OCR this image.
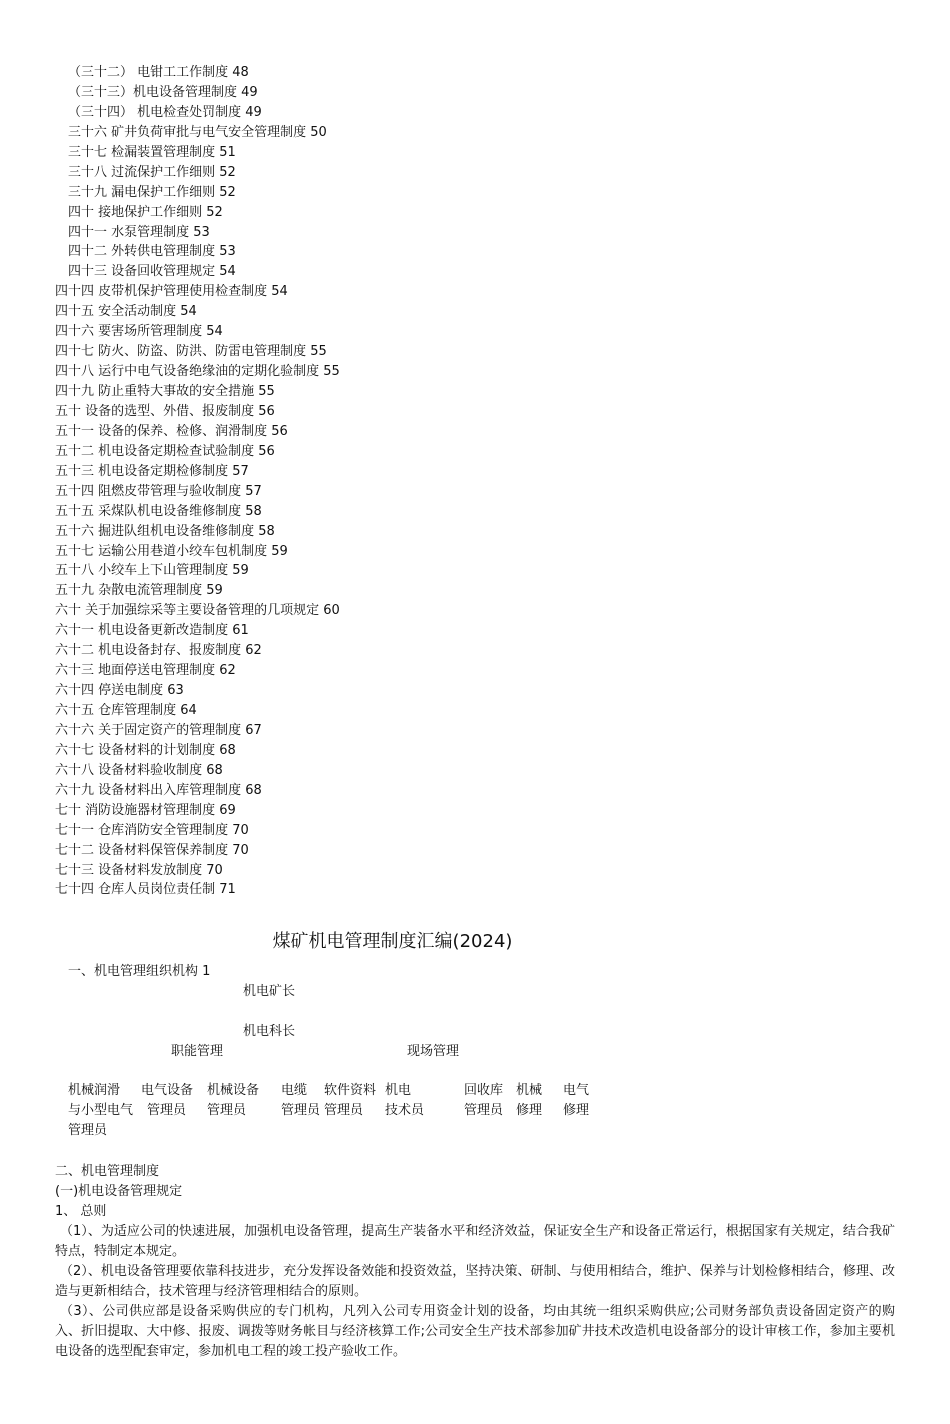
（三十二） 电钳工工作制度 48
（三十三）机电设备管理制度 49
（三十四） 机电检查处罚制度 49
三十六 矿井负荷审批与电气安全管理制度 50
三十七 检漏装置管理制度 51
三十八 过流保护工作细则 52
三十九 漏电保护工作细则 52
四十 接地保护工作细则 52
四十一 水泵管理制度 53
四十二 外转供电管理制度 53
四十三 设备回收管理规定 54
四十四 皮带机保护管理使用检查制度 54
四十五 安全活动制度 54
四十六 要害场所管理制度 54
四十七 防火、防盗、防洪、防雷电管理制度 55
四十八 运行中电气设备绝缘油的定期化验制度 55
四十九 防止重特大事故的安全措施 55
五十 设备的选型、外借、报废制度 56
五十一 设备的保养、检修、润滑制度 56
五十二 机电设备定期检查试验制度 56
五十三 机电设备定期检修制度 57
五十四 阻燃皮带管理与验收制度 57
五十五 采煤队机电设备维修制度 58
五十六 掘进队组机电设备维修制度 58
五十七 运输公用巷道小绞车包机制度 59
五十八 小绞车上下山管理制度 59
五十九 杂散电流管理制度 59
六十 关于加强综采等主要设备管理的几项规定 60
六十一 机电设备更新改造制度 61
六十二 机电设备封存、报废制度 62
六十三 地面停送电管理制度 62
六十四 停送电制度 63
六十五 仓库管理制度 64
六十六 关于固定资产的管理制度 67
六十七 设备材料的计划制度 68
六十八 设备材料验收制度 68
六十九 设备材料出入库管理制度 68
七十 消防设施器材管理制度 69
七十一 仓库消防安全管理制度 70
七十二 设备材料保管保养制度 70
七十三 设备材料发放制度 70
七十四 仓库人员岗位责任制 71
煤矿机电管理制度汇编(2024)
一、机电管理组织机构 1
机电矿长
机电科长
职能管理	现场管理
机械润滑
与小型电气
管理员
电气设备
管理员
机械设备
管理员
电缆
管理员
软件资料
管理员
机电
技术员
回收库
管理员
机械
修理
电气
修理
二、机电管理制度
(一)机电设备管理规定
1、 总则
（1）、为适应公司的快速进展，加强机电设备管理，提高生产装备水平和经济效益，保证安全生产和设备正常运行，根据国家有关规定，结合我矿特点，特制定本规定。
（2）、机电设备管理要依靠科技进步，充分发挥设备效能和投资效益，坚持决策、研制、与使用相结合，维护、保养与计划检修相结合，修理、改造与更新相结合，技术管理与经济管理相结合的原则。
（3）、公司供应部是设备采购供应的专门机构，凡列入公司专用资金计划的设备，均由其统一组织采购供应;公司财务部负责设备固定资产的购入、折旧提取、大中修、报废、调拨等财务帐目与经济核算工作;公司安全生产技术部参加矿井技术改造机电设备部分的设计审核工作，参加主要机电设备的选型配套审定，参加机电工程的竣工投产验收工作。
